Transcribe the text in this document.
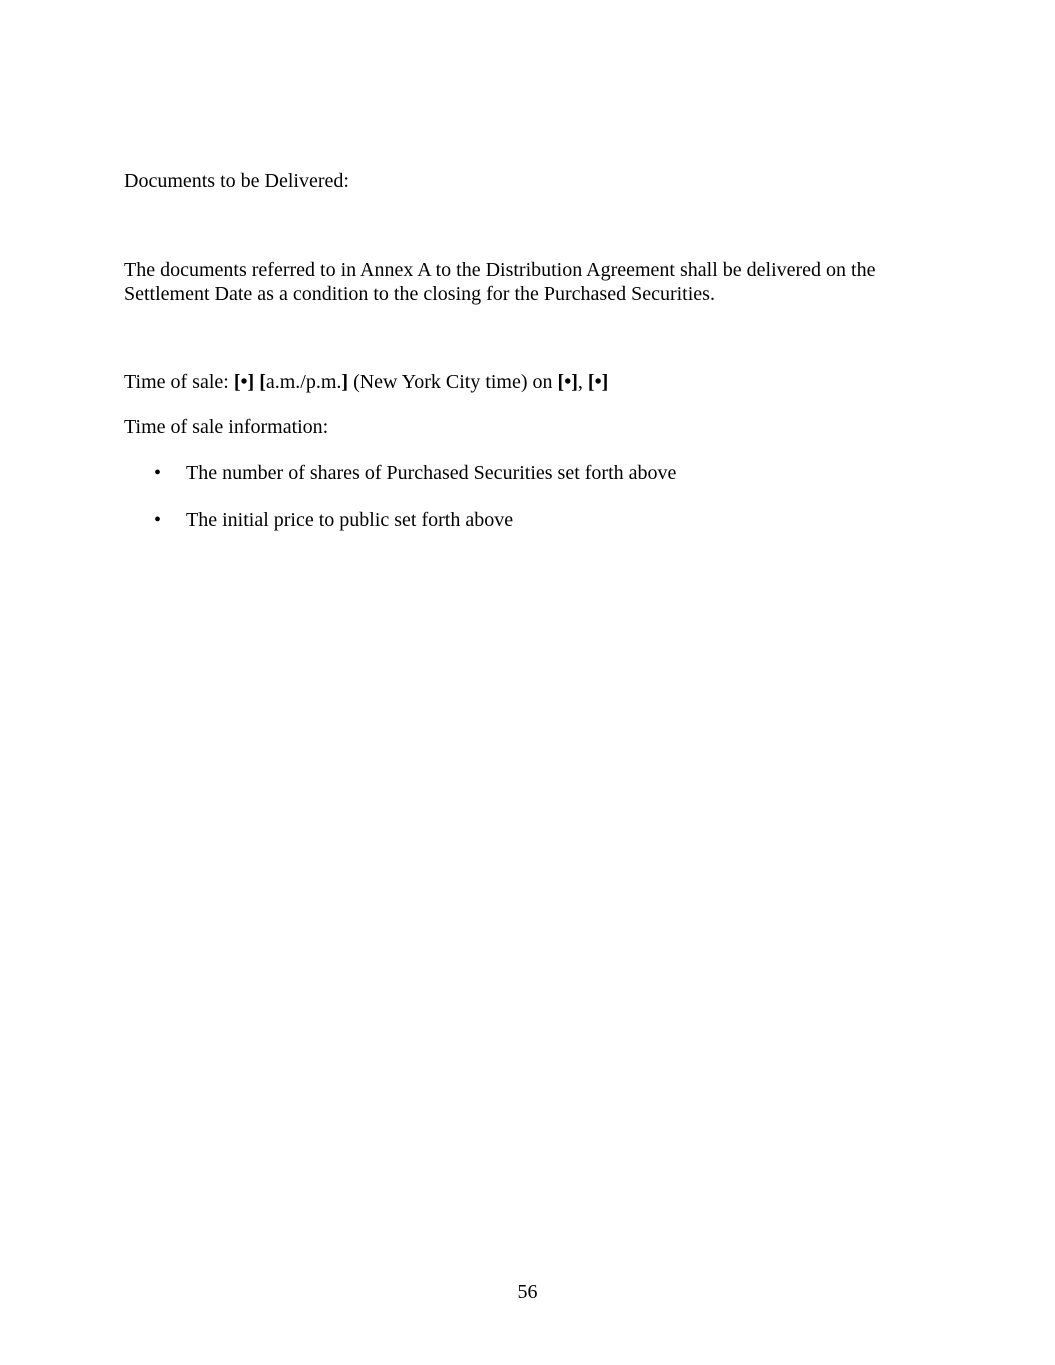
Documents to be Delivered:
The documents referred to in Annex A to the Distribution Agreement shall be delivered on the
Settlement Date as a condition to the closing for the Purchased Securities.
Time of sale: [•] [a.m./p.m.] (New York City time) on [•], [•]
Time of sale information:
• The number of shares of Purchased Securities set forth above
• The initial price to public set forth above
56
